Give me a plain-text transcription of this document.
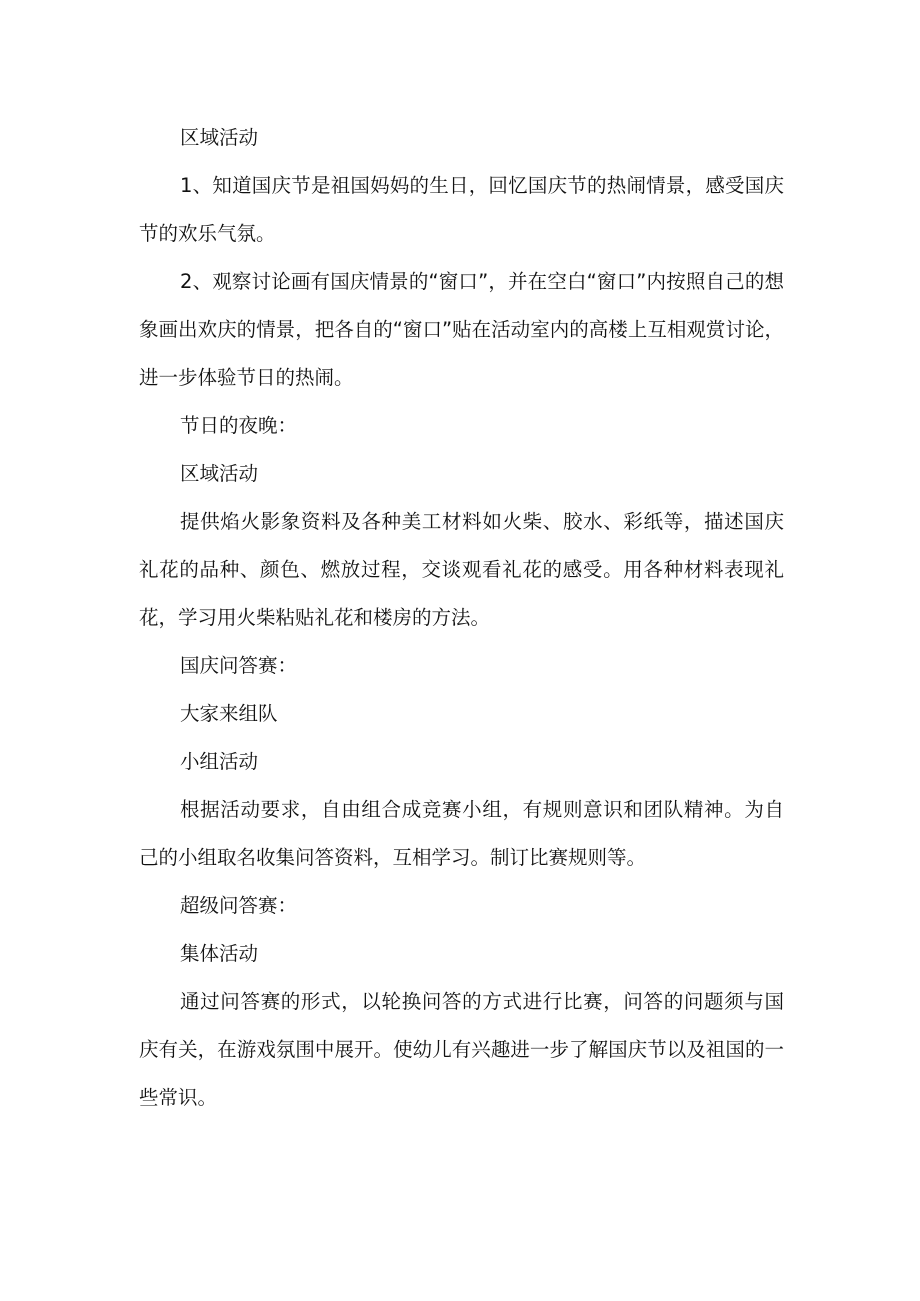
区域活动

1、知道国庆节是祖国妈妈的生日，回忆国庆节的热闹情景，感受国庆节的欢乐气氛。

2、观察讨论画有国庆情景的“窗口”，并在空白“窗口”内按照自己的想象画出欢庆的情景，把各自的“窗口”贴在活动室内的高楼上互相观赏讨论，进一步体验节日的热闹。

节日的夜晚：

区域活动

提供焰火影象资料及各种美工材料如火柴、胶水、彩纸等，描述国庆礼花的品种、颜色、燃放过程，交谈观看礼花的感受。用各种材料表现礼花，学习用火柴粘贴礼花和楼房的方法。

国庆问答赛：

大家来组队

小组活动

根据活动要求，自由组合成竞赛小组，有规则意识和团队精神。为自己的小组取名收集问答资料，互相学习。制订比赛规则等。

超级问答赛：

集体活动

通过问答赛的形式，以轮换问答的方式进行比赛，问答的问题须与国庆有关，在游戏氛围中展开。使幼儿有兴趣进一步了解国庆节以及祖国的一些常识。
